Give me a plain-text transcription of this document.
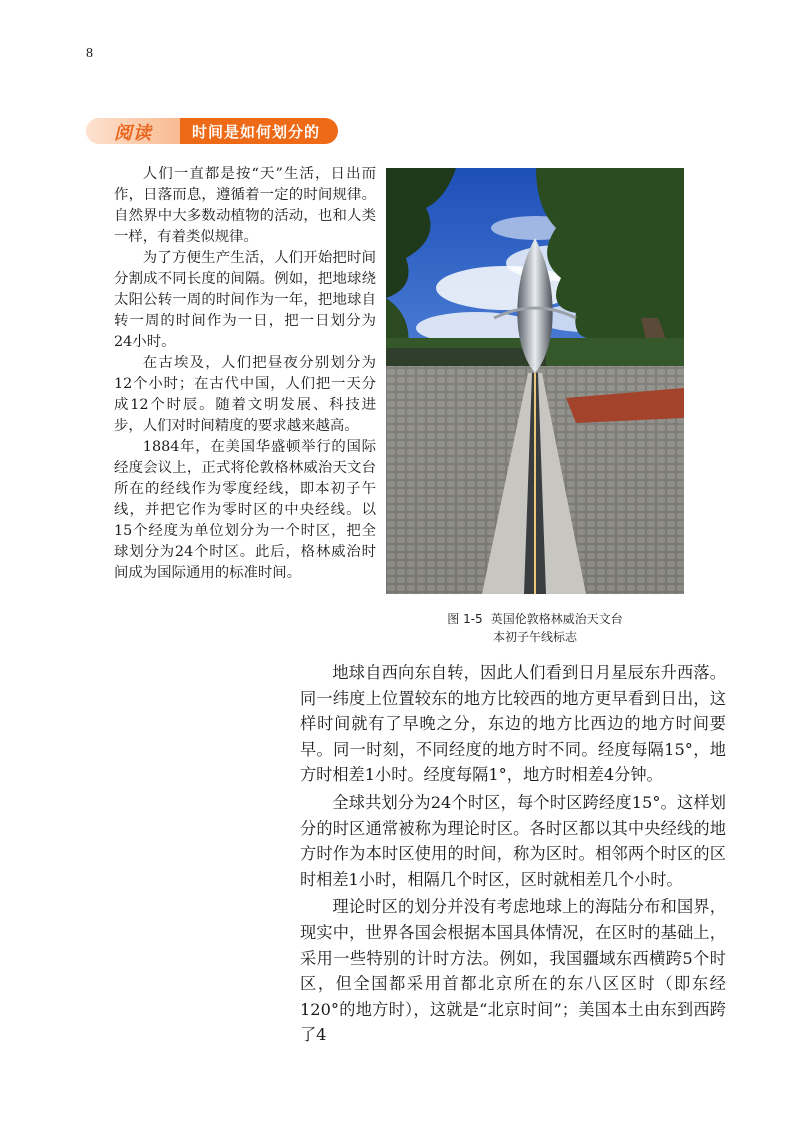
8
阅读	时间是如何划分的

人们一直都是按“天”生活，日出而作，日落而息，遵循着一定的时间规律。自然界中大多数动植物的活动，也和人类一样，有着类似规律。

为了方便生产生活，人们开始把时间分割成不同长度的间隔。例如，把地球绕太阳公转一周的时间作为一年，把地球自转一周的时间作为一日，把一日划分为24小时。

在古埃及，人们把昼夜分别划分为12个小时；在古代中国，人们把一天分成12个时辰。随着文明发展、科技进步，人们对时间精度的要求越来越高。

1884年，在美国华盛顿举行的国际经度会议上，正式将伦敦格林威治天文台所在的经线作为零度经线，即本初子午线，并把它作为零时区的中央经线。以15个经度为单位划分为一个时区，把全球划分为24个时区。此后，格林威治时间成为国际通用的标准时间。

图 1-5 英国伦敦格林威治天文台
本初子午线标志

地球自西向东自转，因此人们看到日月星辰东升西落。同一纬度上位置较东的地方比较西的地方更早看到日出，这样时间就有了早晚之分，东边的地方比西边的地方时间要早。同一时刻，不同经度的地方时不同。经度每隔15°，地方时相差1小时。经度每隔1°，地方时相差4分钟。

全球共划分为24个时区，每个时区跨经度15°。这样划分的时区通常被称为理论时区。各时区都以其中央经线的地方时作为本时区使用的时间，称为区时。相邻两个时区的区时相差1小时，相隔几个时区，区时就相差几个小时。

理论时区的划分并没有考虑地球上的海陆分布和国界，现实中，世界各国会根据本国具体情况，在区时的基础上，采用一些特别的计时方法。例如，我国疆域东西横跨5个时区，但全国都采用首都北京所在的东八区区时（即东经120°的地方时），这就是“北京时间”；美国本土由东到西跨了4
